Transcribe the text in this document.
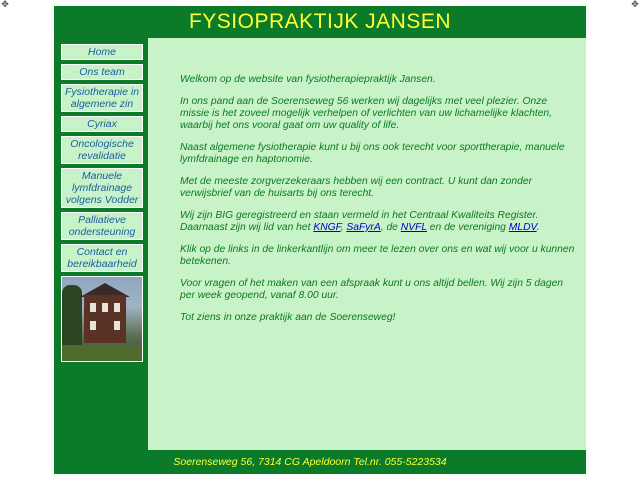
✥	✥
FYSIOPRAKTIJK JANSEN
Home
Ons team
Fysiotherapie in
algemene zin
Cyriax
Oncologische
revalidatie
Manuele
lymfdrainage
volgens Vodder
Palliatieve
ondersteuning
Contact en
bereikbaarheid

Welkom op de website van fysiotherapiepraktijk Jansen.

In ons pand aan de Soerenseweg 56 werken wij dagelijks met veel plezier. Onze missie is het zoveel mogelijk verhelpen of verlichten van uw lichamelijke klachten, waarbij het ons vooral gaat om uw quality of life.

Naast algemene fysiotherapie kunt u bij ons ook terecht voor sporttherapie, manuele lymfdrainage en haptonomie.

Met de meeste zorgverzekeraars hebben wij een contract. U kunt dan zonder verwijsbrief van de huisarts bij ons terecht.

Wij zijn BIG geregistreerd en staan vermeld in het Centraal Kwaliteits Register. Daarnaast zijn wij lid van het KNGF, SaFyrA, de NVFL en de vereniging MLDV.

Klik op de links in de linkerkantlijn om meer te lezen over ons en wat wij voor u kunnen betekenen.

Voor vragen of het maken van een afspraak kunt u ons altijd bellen. Wij zijn 5 dagen per week geopend, vanaf 8.00 uur.

Tot ziens in onze praktijk aan de Soerenseweg!

Soerenseweg 56, 7314 CG Apeldoorn Tel.nr. 055-5223534
